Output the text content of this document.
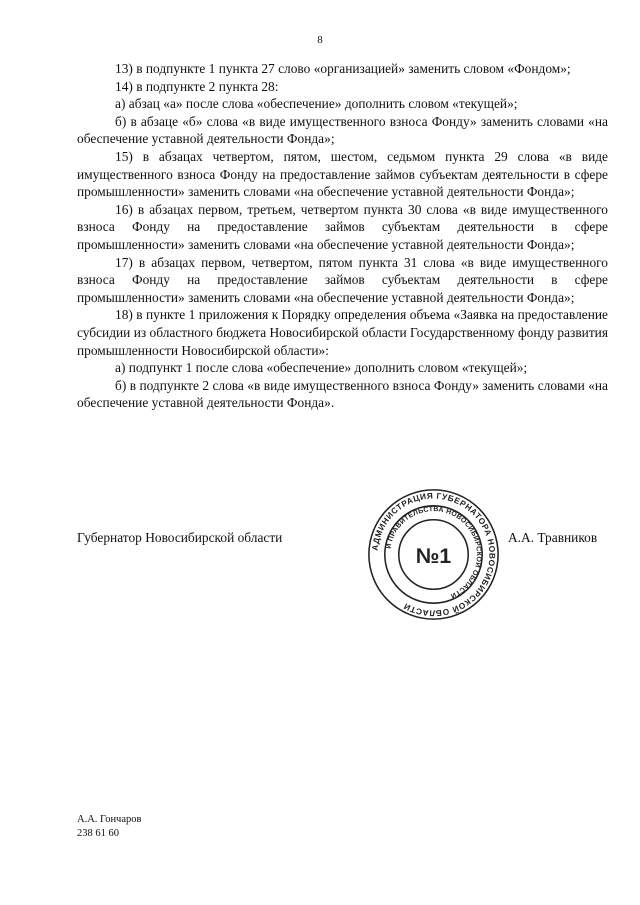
8

13) в подпункте 1 пункта 27 слово «организацией» заменить словом «Фондом»;

14) в подпункте 2 пункта 28:

а) абзац «а» после слова «обеспечение» дополнить словом «текущей»;

б) в абзаце «б» слова «в виде имущественного взноса Фонду» заменить словами «на обеспечение уставной деятельности Фонда»;

15) в абзацах четвертом, пятом, шестом, седьмом пункта 29 слова «в виде имущественного взноса Фонду на предоставление займов субъектам деятельности в сфере промышленности» заменить словами «на обеспечение уставной деятельности Фонда»;

16) в абзацах первом, третьем, четвертом пункта 30 слова «в виде имущественного взноса Фонду на предоставление займов субъектам деятельности в сфере промышленности» заменить словами «на обеспечение уставной деятельности Фонда»;

17) в абзацах первом, четвертом, пятом пункта 31 слова «в виде имущественного взноса Фонду на предоставление займов субъектам деятельности в сфере промышленности» заменить словами «на обеспечение уставной деятельности Фонда»;

18) в пункте 1 приложения к Порядку определения объема «Заявка на предоставление субсидии из областного бюджета Новосибирской области Государственному фонду развития промышленности Новосибирской области»:

а) подпункт 1 после слова «обеспечение» дополнить словом «текущей»;

б) в подпункте 2 слова «в виде имущественного взноса Фонду» заменить словами «на обеспечение уставной деятельности Фонда».

Губернатор Новосибирской области
АДМИНИСТРАЦИЯ ГУБЕРНАТОРА НОВОСИБИРСКОЙ ОБЛАСТИ
И ПРАВИТЕЛЬСТВА НОВОСИБИРСКОЙ ОБЛАСТИ
№1
А.А. Травников
А.А. Гончаров
238 61 60
